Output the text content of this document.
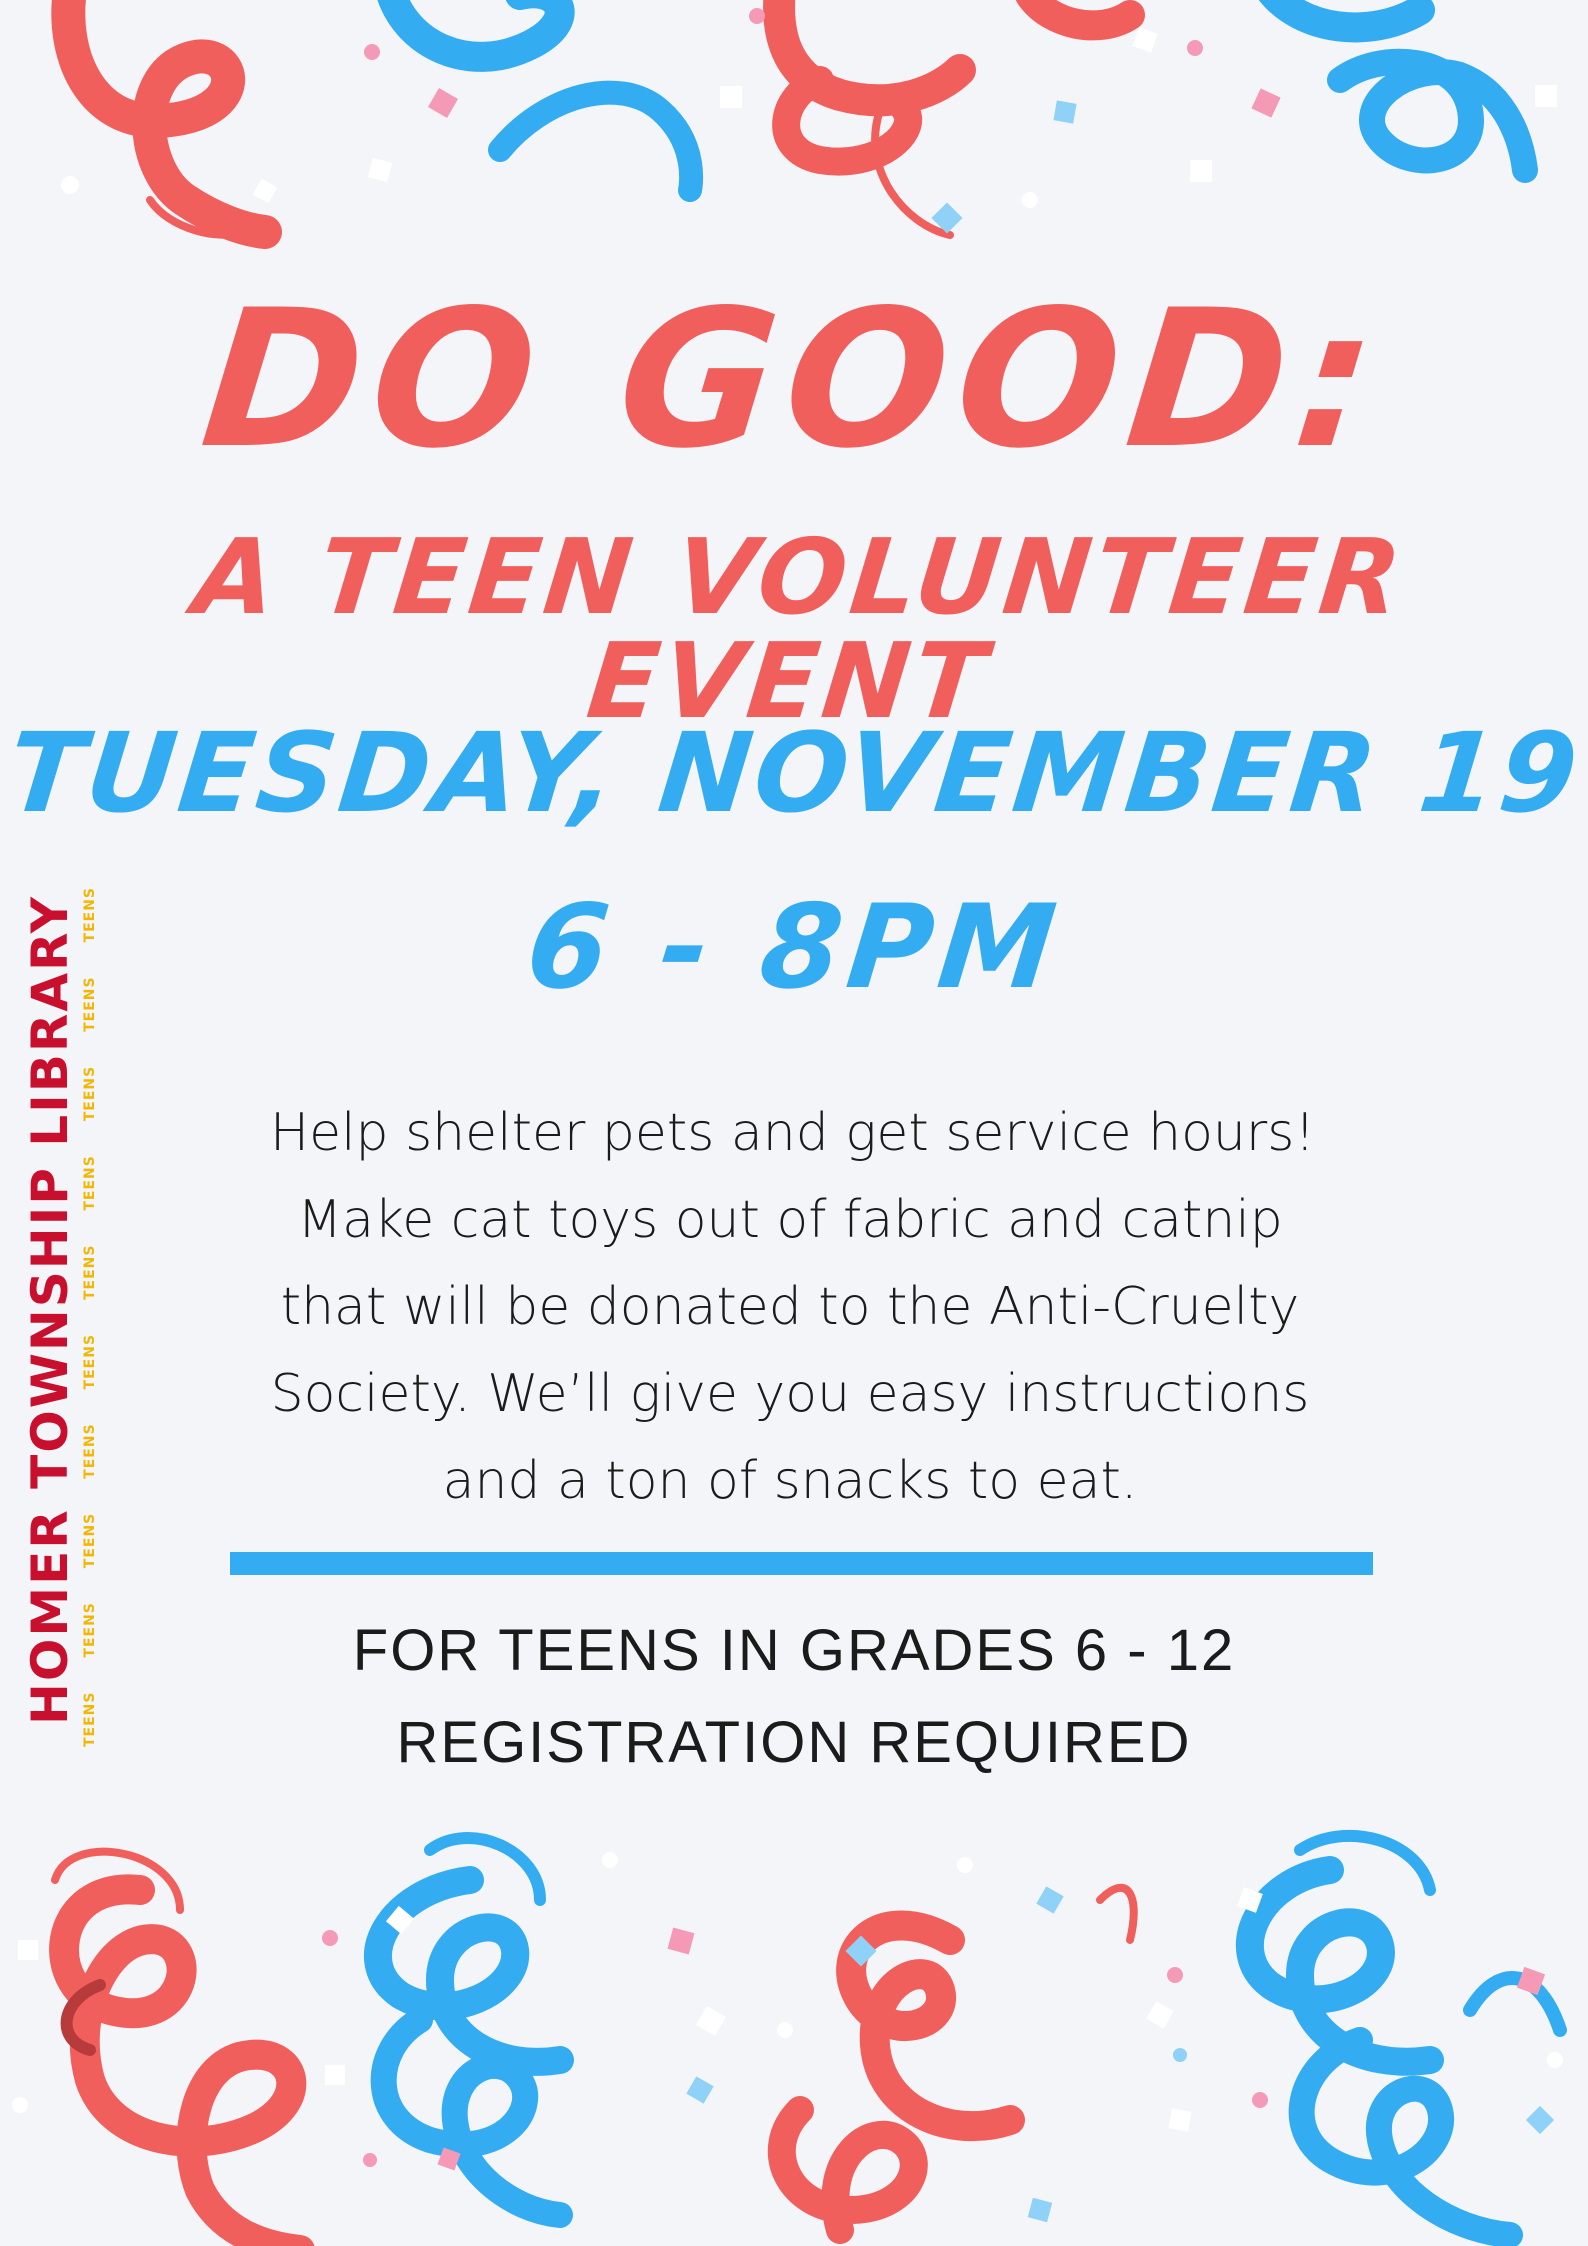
DO GOOD:
A TEEN VOLUNTEER EVENT
TUESDAY, NOVEMBER 19
6 - 8PM
Help shelter pets and get service hours!
Make cat toys out of fabric and catnip
that will be donated to the Anti-Cruelty
Society. We’ll give you easy instructions
and a ton of snacks to eat.
FOR TEENS IN GRADES 6 - 12
REGISTRATION REQUIRED
HOMER TOWNSHIP LIBRARY TEENS
TEENS
TEENS
TEENS
TEENS
TEENS
TEENS
TEENS
TEENS
TEENS
